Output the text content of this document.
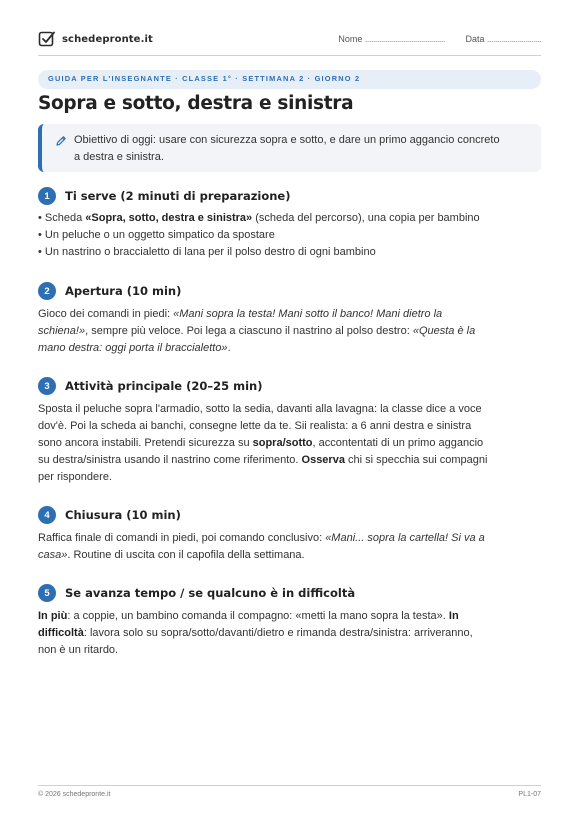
schedepronte.it	Nome ........................................ Data ...........................
GUIDA PER L'INSEGNANTE · CLASSE 1° · SETTIMANA 2 · GIORNO 2
Sopra e sotto, destra e sinistra
Obiettivo di oggi: usare con sicurezza sopra e sotto, e dare un primo aggancio concreto
a destra e sinistra.
1	Ti serve (2 minuti di preparazione)
• Scheda «Sopra, sotto, destra e sinistra» (scheda del percorso), una copia per bambino
• Un peluche o un oggetto simpatico da spostare
• Un nastrino o braccialetto di lana per il polso destro di ogni bambino
2	Apertura (10 min)
Gioco dei comandi in piedi: «Mani sopra la testa! Mani sotto il banco! Mani dietro la
schiena!», sempre più veloce. Poi lega a ciascuno il nastrino al polso destro: «Questa è la
mano destra: oggi porta il braccialetto».
3	Attività principale (20–25 min)
Sposta il peluche sopra l'armadio, sotto la sedia, davanti alla lavagna: la classe dice a voce
dov'è. Poi la scheda ai banchi, consegne lette da te. Sii realista: a 6 anni destra e sinistra
sono ancora instabili. Pretendi sicurezza su sopra/sotto, accontentati di un primo aggancio
su destra/sinistra usando il nastrino come riferimento. Osserva chi si specchia sui compagni
per rispondere.
4	Chiusura (10 min)
Raffica finale di comandi in piedi, poi comando conclusivo: «Mani... sopra la cartella! Si va a
casa». Routine di uscita con il capofila della settimana.
5	Se avanza tempo / se qualcuno è in difficoltà
In più: a coppie, un bambino comanda il compagno: «metti la mano sopra la testa». In
difficoltà: lavora solo su sopra/sotto/davanti/dietro e rimanda destra/sinistra: arriveranno,
non è un ritardo.
© 2026 schedepronte.it	PL1-07
